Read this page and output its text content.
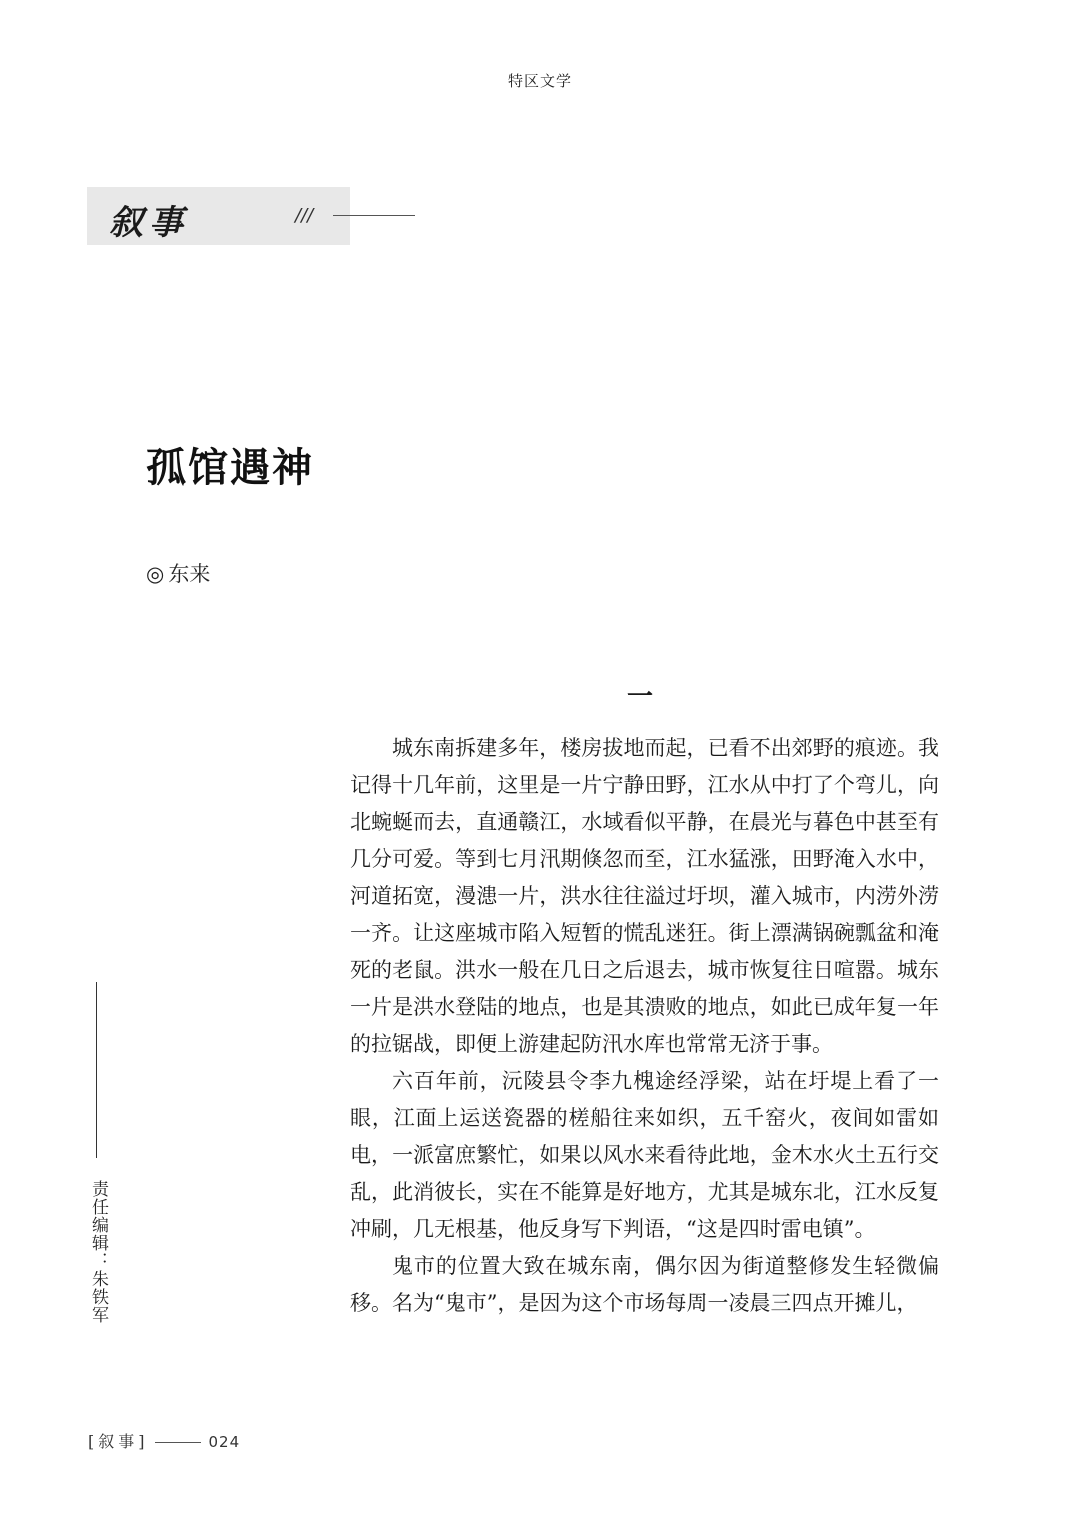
特区文学
叙事	///
孤馆遇神
◎ 东来
一

城东南拆建多年，楼房拔地而起，已看不出郊野的痕迹。我记得十几年前，这里是一片宁静田野，江水从中打了个弯儿，向北蜿蜒而去，直通赣江，水域看似平静，在晨光与暮色中甚至有几分可爱。等到七月汛期倏忽而至，江水猛涨，田野淹入水中，河道拓宽，漫漶一片，洪水往往溢过圩坝，灌入城市，内涝外涝一齐。让这座城市陷入短暂的慌乱迷狂。街上漂满锅碗瓢盆和淹死的老鼠。洪水一般在几日之后退去，城市恢复往日喧嚣。城东一片是洪水登陆的地点，也是其溃败的地点，如此已成年复一年的拉锯战，即便上游建起防汛水库也常常无济于事。

六百年前，沅陵县令李九槐途经浮梁，站在圩堤上看了一眼，江面上运送瓷器的槎船往来如织，五千窑火，夜间如雷如电，一派富庶繁忙，如果以风水来看待此地，金木水火土五行交乱，此消彼长，实在不能算是好地方，尤其是城东北，江水反复冲刷，几无根基，他反身写下判语，“这是四时雷电镇”。

鬼市的位置大致在城东南，偶尔因为街道整修发生轻微偏移。名为“鬼市”，是因为这个市场每周一凌晨三四点开摊儿，

责任编辑：朱铁军
[叙事]	024
